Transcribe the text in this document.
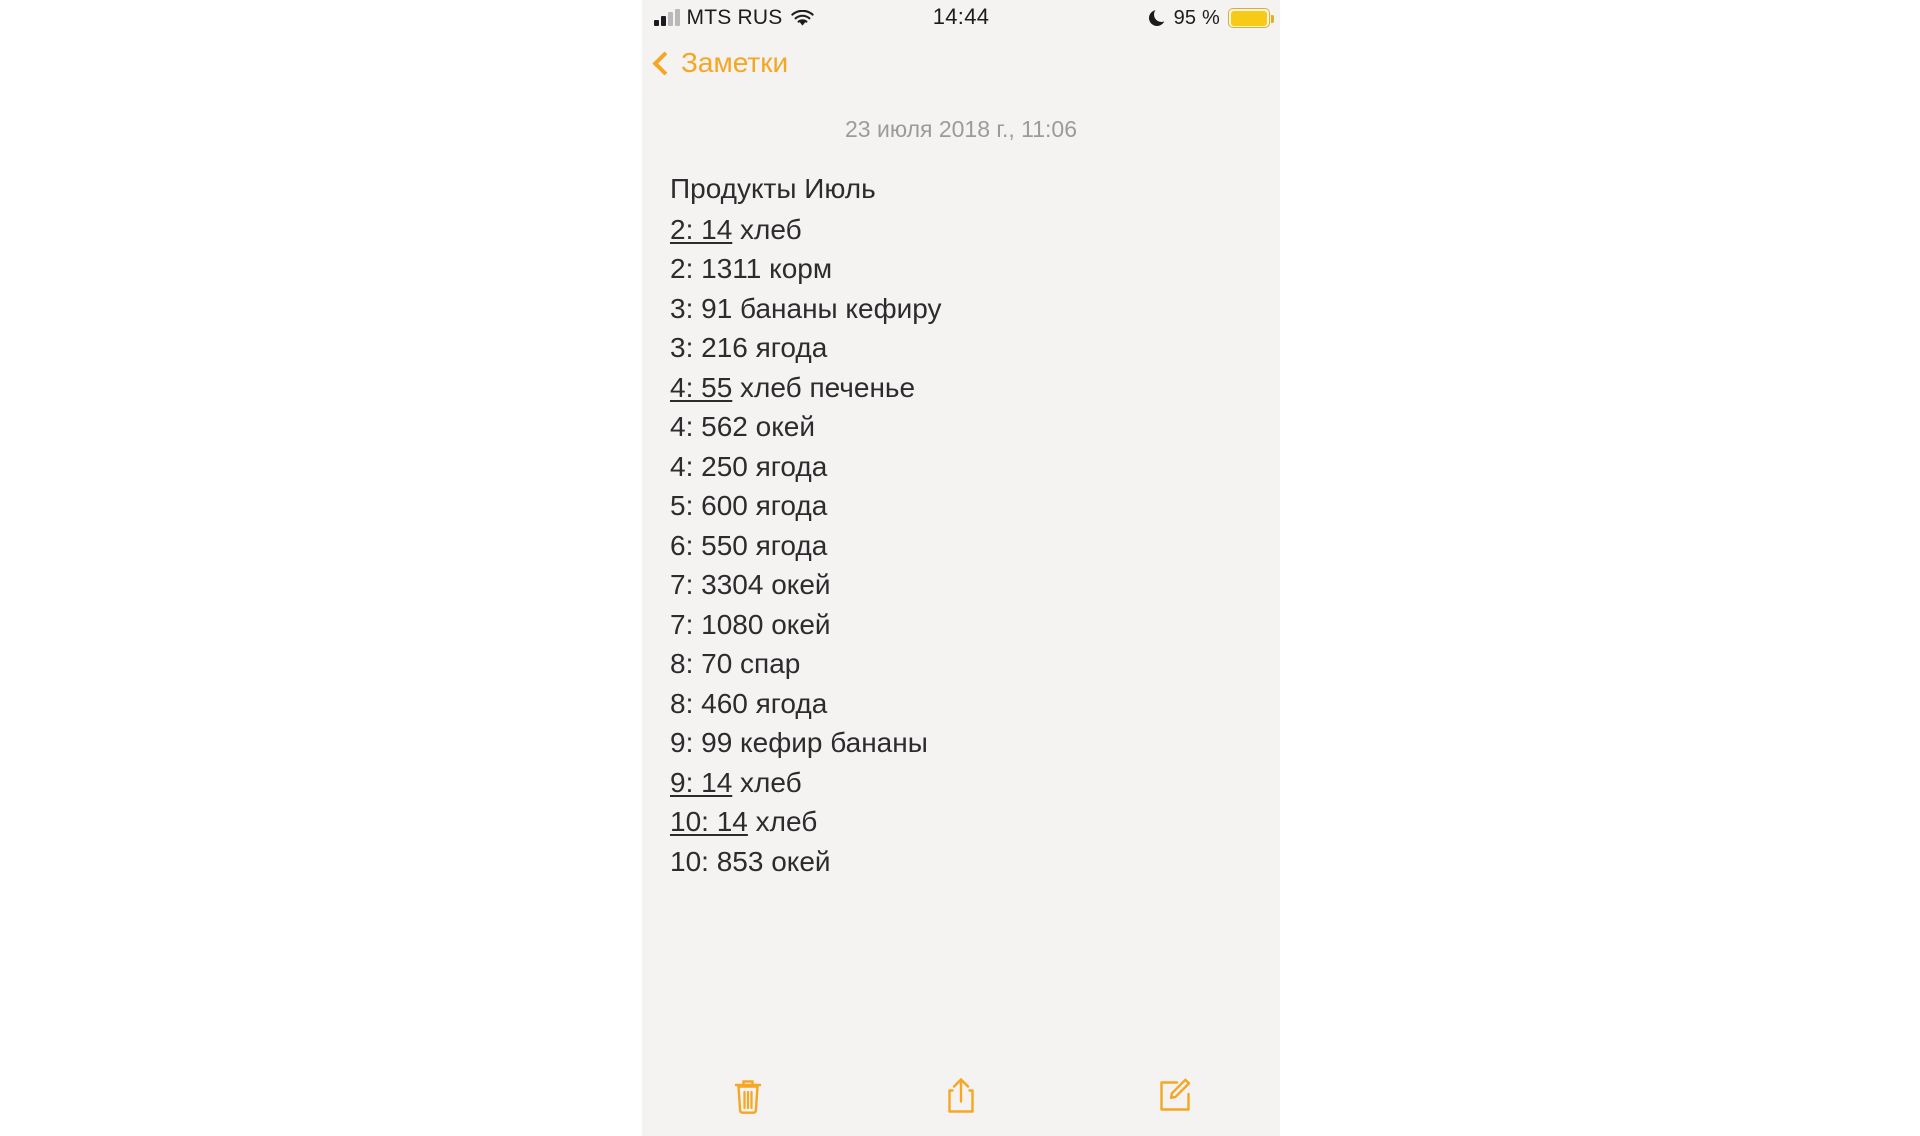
MTS RUS	14:44	95 %
Заметки
23 июля 2018 г., 11:06
Продукты Июль
2: 14 хлеб
2: 1311 корм
3: 91 бананы кефиру
3: 216 ягода
4: 55 хлеб печенье
4: 562 окей
4: 250 ягода
5: 600 ягода
6: 550 ягода
7: 3304 окей
7: 1080 окей
8: 70 спар
8: 460 ягода
9: 99 кефир бананы
9: 14 хлеб
10: 14 хлеб
10: 853 окей
